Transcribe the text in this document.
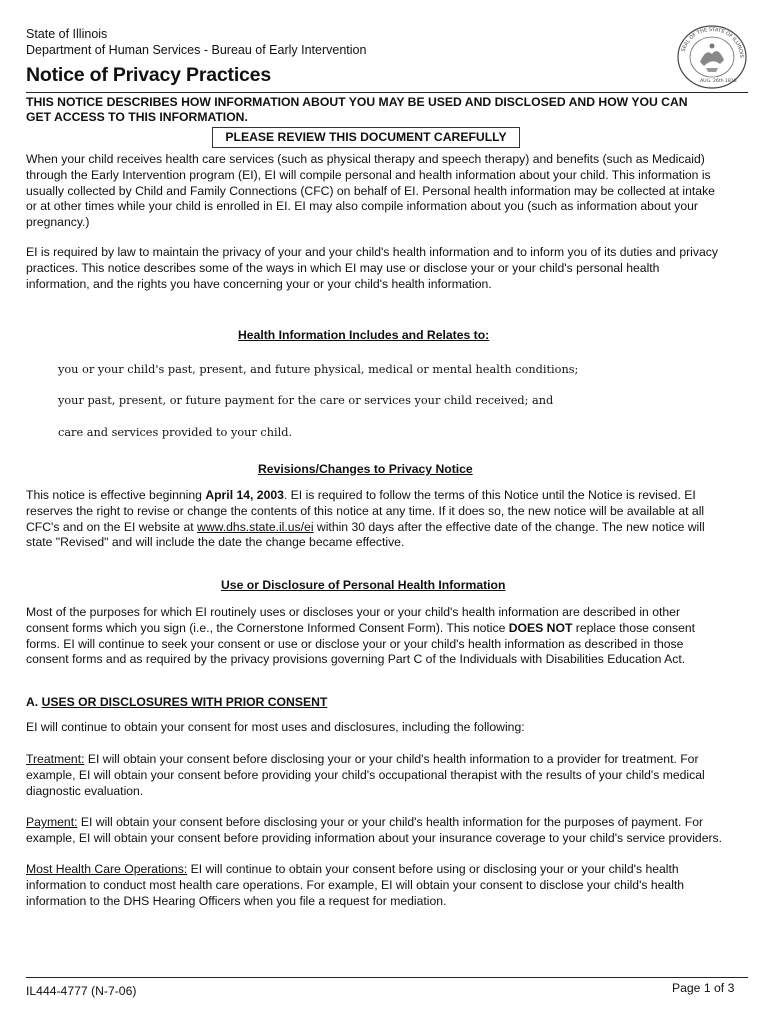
State of Illinois
Department of Human Services - Bureau of Early Intervention
Notice of Privacy Practices
SEAL OF THE STATE OF ILLINOIS
AUG. 26th 1818
THIS NOTICE DESCRIBES HOW INFORMATION ABOUT YOU MAY BE USED AND DISCLOSED AND HOW YOU CAN
GET ACCESS TO THIS INFORMATION.
PLEASE REVIEW THIS DOCUMENT CAREFULLY
When your child receives health care services (such as physical therapy and speech therapy) and benefits (such as Medicaid)
through the Early Intervention program (EI), EI will compile personal and health information about your child. This information is
usually collected by Child and Family Connections (CFC) on behalf of EI. Personal health information may be collected at intake
or at other times while your child is enrolled in EI. EI may also compile information about you (such as information about your
pregnancy.)
EI is required by law to maintain the privacy of your and your child's health information and to inform you of its duties and privacy
practices. This notice describes some of the ways in which EI may use or disclose your or your child's personal health
information, and the rights you have concerning your or your child's health information.
Health Information Includes and Relates to:
you or your child's past, present, and future physical, medical or mental health conditions;
your past, present, or future payment for the care or services your child received; and
care and services provided to your child.
Revisions/Changes to Privacy Notice
This notice is effective beginning April 14, 2003. EI is required to follow the terms of this Notice until the Notice is revised. EI
reserves the right to revise or change the contents of this notice at any time. If it does so, the new notice will be available at all
CFC's and on the EI website at www.dhs.state.il.us/ei within 30 days after the effective date of the change. The new notice will
state "Revised" and will include the date the change became effective.
Use or Disclosure of Personal Health Information
Most of the purposes for which EI routinely uses or discloses your or your child's health information are described in other
consent forms which you sign (i.e., the Cornerstone Informed Consent Form). This notice DOES NOT replace those consent
forms. EI will continue to seek your consent or use or disclose your or your child's health information as described in those
consent forms and as required by the privacy provisions governing Part C of the Individuals with Disabilities Education Act.
A. USES OR DISCLOSURES WITH PRIOR CONSENT
EI will continue to obtain your consent for most uses and disclosures, including the following:
Treatment: EI will obtain your consent before disclosing your or your child's health information to a provider for treatment. For
example, EI will obtain your consent before providing your child's occupational therapist with the results of your child's medical
diagnostic evaluation.
Payment: EI will obtain your consent before disclosing your or your child's health information for the purposes of payment. For
example, EI will obtain your consent before providing information about your insurance coverage to your child's service providers.
Most Health Care Operations: EI will continue to obtain your consent before using or disclosing your or your child's health
information to conduct most health care operations. For example, EI will obtain your consent to disclose your child's health
information to the DHS Hearing Officers when you file a request for mediation.
IL444-4777 (N-7-06)	Page 1 of 3
